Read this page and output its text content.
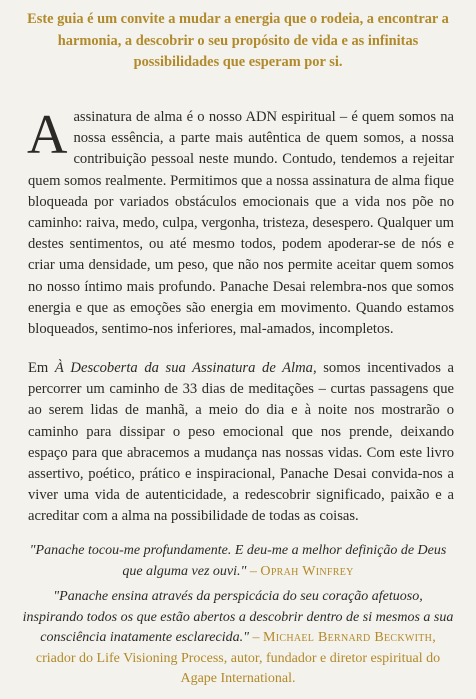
Este guia é um convite a mudar a energia que o rodeia, a encontrar a harmonia, a descobrir o seu propósito de vida e as infinitas possibilidades que esperam por si.
Aassinatura de alma é o nosso ADN espiritual – é quem somos na nossa essência, a parte mais autêntica de quem somos, a nossa contribuição pessoal neste mundo. Contudo, tendemos a rejeitar quem somos realmente. Permitimos que a nossa assinatura de alma fique bloqueada por variados obstáculos emocionais que a vida nos põe no caminho: raiva, medo, culpa, vergonha, tristeza, desespero. Qualquer um destes sentimentos, ou até mesmo todos, podem apoderar-se de nós e criar uma densidade, um peso, que não nos permite aceitar quem somos no nosso íntimo mais profundo. Panache Desai relembra-nos que somos energia e que as emoções são energia em movimento. Quando estamos bloqueados, sentimo-nos inferiores, mal-amados, incompletos.
Em À Descoberta da sua Assinatura de Alma, somos incentivados a percorrer um caminho de 33 dias de meditações – curtas passagens que ao serem lidas de manhã, a meio do dia e à noite nos mostrarão o caminho para dissipar o peso emocional que nos prende, deixando espaço para que abracemos a mudança nas nossas vidas. Com este livro assertivo, poético, prático e inspiracional, Panache Desai convida-nos a viver uma vida de autenticidade, a redescobrir significado, paixão e a acreditar com a alma na possibilidade de todas as coisas.
"Panache tocou-me profundamente. E deu-me a melhor definição de Deus que alguma vez ouvi." – Oprah Winfrey
"Panache ensina através da perspicácia do seu coração afetuoso, inspirando todos os que estão abertos a descobrir dentro de si mesmos a sua consciência inatamente esclarecida." – Michael Bernard Beckwith, criador do Life Visioning Process, autor, fundador e diretor espiritual do Agape International.
